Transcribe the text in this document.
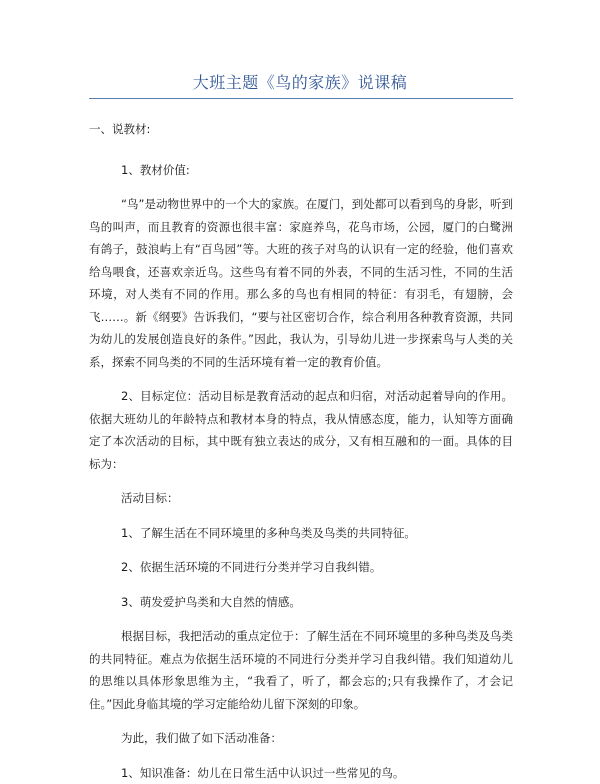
大班主题《鸟的家族》说课稿

一、说教材:

1、教材价值:

“鸟”是动物世界中的一个大的家族。在厦门，到处都可以看到鸟的身影，听到鸟的叫声，而且教育的资源也很丰富：家庭养鸟，花鸟市场，公园，厦门的白鹭洲有鸽子，鼓浪屿上有“百鸟园”等。大班的孩子对鸟的认识有一定的经验，他们喜欢给鸟喂食，还喜欢亲近鸟。这些鸟有着不同的外表，不同的生活习性，不同的生活环境，对人类有不同的作用。那么多的鸟也有相同的特征：有羽毛，有翅膀，会飞……。新《纲要》告诉我们，“要与社区密切合作，综合利用各种教育资源，共同为幼儿的发展创造良好的条件。”因此，我认为，引导幼儿进一步探索鸟与人类的关系，探索不同鸟类的不同的生活环境有着一定的教育价值。

2、目标定位：活动目标是教育活动的起点和归宿，对活动起着导向的作用。依据大班幼儿的年龄特点和教材本身的特点，我从情感态度，能力，认知等方面确定了本次活动的目标，其中既有独立表达的成分，又有相互融和的一面。具体的目标为：

活动目标：

1、了解生活在不同环境里的多种鸟类及鸟类的共同特征。

2、依据生活环境的不同进行分类并学习自我纠错。

3、萌发爱护鸟类和大自然的情感。

根据目标，我把活动的重点定位于：了解生活在不同环境里的多种鸟类及鸟类的共同特征。难点为依据生活环境的不同进行分类并学习自我纠错。我们知道幼儿的思维以具体形象思维为主，“我看了，听了，都会忘的;只有我操作了，才会记住。”因此身临其境的学习定能给幼儿留下深刻的印象。

为此，我们做了如下活动准备：

1、知识准备：幼儿在日常生活中认识过一些常见的鸟。
